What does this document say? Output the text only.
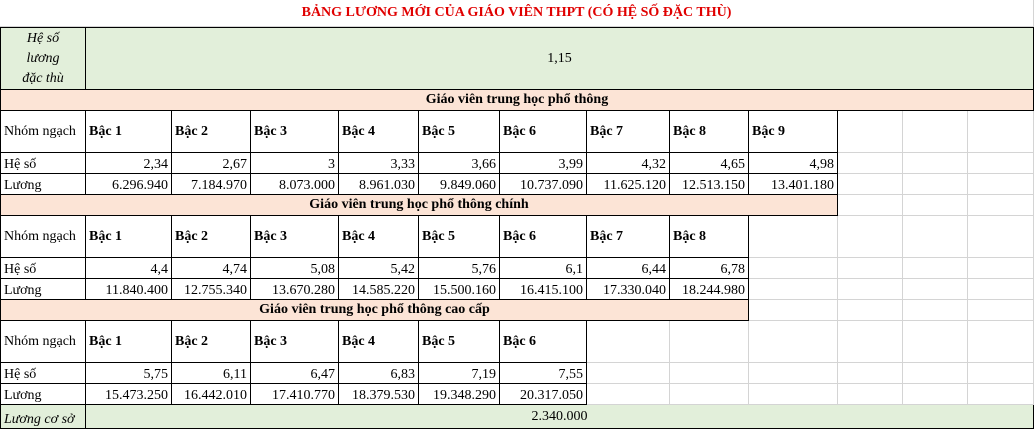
BẢNG LƯƠNG MỚI CỦA GIÁO VIÊN THPT (CÓ HỆ SỐ ĐẶC THÙ)
Hệ số lương đặc thù
1,15
Giáo viên trung học phổ thông
Nhóm ngạch Bậc 1	Bậc 2	Bậc 3	Bậc 4	Bậc 5	Bậc 6	Bậc 7	Bậc 8	Bậc 9
Hệ số	2,34	2,67	3	3,33	3,66	3,99	4,32	4,65	4,98
Lương	6.296.940	7.184.970	8.073.000	8.961.030	9.849.060	10.737.090	11.625.120	12.513.150	13.401.180
Giáo viên trung học phổ thông chính
Nhóm ngạch Bậc 1	Bậc 2	Bậc 3	Bậc 4	Bậc 5	Bậc 6	Bậc 7	Bậc 8
Hệ số	4,4	4,74	5,08	5,42	5,76	6,1	6,44	6,78
Lương	11.840.400	12.755.340	13.670.280	14.585.220	15.500.160	16.415.100	17.330.040	18.244.980
Giáo viên trung học phổ thông cao cấp
Nhóm ngạch Bậc 1	Bậc 2	Bậc 3	Bậc 4	Bậc 5	Bậc 6
Hệ số	5,75	6,11	6,47	6,83	7,19	7,55
Lương	15.473.250	16.442.010	17.410.770	18.379.530	19.348.290	20.317.050
Lương cơ sở	2.340.000
